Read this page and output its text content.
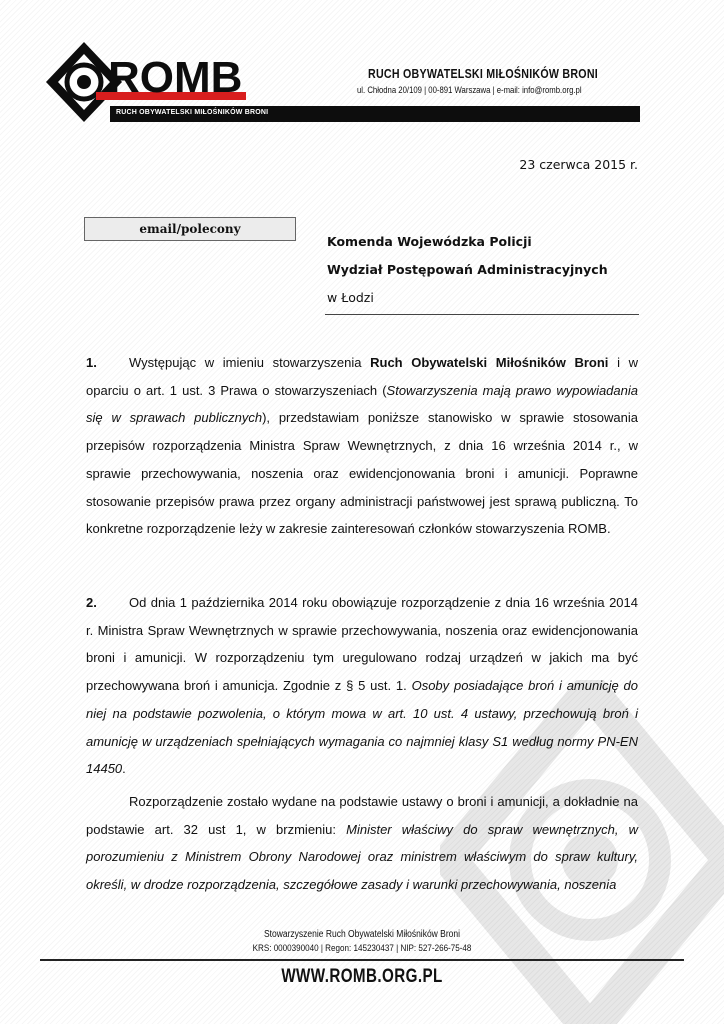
ROMB
RUCH OBYWATELSKI MIŁOŚNIKÓW BRONI
RUCH OBYWATELSKI MIŁOŚNIKÓW BRONI
ul. Chłodna 20/109 | 00-891 Warszawa | e-mail: info@romb.org.pl
23 czerwca 2015 r.
email/polecony
Komenda Wojewódzka Policji
Wydział Postępowań Administracyjnych
w Łodzi
1. Występując w imieniu stowarzyszenia Ruch Obywatelski Miłośników Broni i w oparciu o art. 1 ust. 3 Prawa o stowarzyszeniach (Stowarzyszenia mają prawo wypowiadania się w sprawach publicznych), przedstawiam poniższe stanowisko w sprawie stosowania przepisów rozporządzenia Ministra Spraw Wewnętrznych, z dnia 16 września 2014 r., w sprawie przechowywania, noszenia oraz ewidencjonowania broni i amunicji. Poprawne stosowanie przepisów prawa przez organy administracji państwowej jest sprawą publiczną. To konkretne rozporządzenie leży w zakresie zainteresowań członków stowarzyszenia ROMB.
2. Od dnia 1 października 2014 roku obowiązuje rozporządzenie z dnia 16 września 2014 r. Ministra Spraw Wewnętrznych w sprawie przechowywania, noszenia oraz ewidencjonowania broni i amunicji. W rozporządzeniu tym uregulowano rodzaj urządzeń w jakich ma być przechowywana broń i amunicja. Zgodnie z § 5 ust. 1. Osoby posiadające broń i amunicję do niej na podstawie pozwolenia, o którym mowa w art. 10 ust. 4 ustawy, przechowują broń i amunicję w urządzeniach spełniających wymagania co najmniej klasy S1 według normy PN-EN 14450.
Rozporządzenie zostało wydane na podstawie ustawy o broni i amunicji, a dokładnie na podstawie art. 32 ust 1, w brzmieniu: Minister właściwy do spraw wewnętrznych, w porozumieniu z Ministrem Obrony Narodowej oraz ministrem właściwym do spraw kultury, określi, w drodze rozporządzenia, szczegółowe zasady i warunki przechowywania, noszenia
Stowarzyszenie Ruch Obywatelski Miłośników Broni
KRS: 0000390040 | Regon: 145230437 | NIP: 527-266-75-48
WWW.ROMB.ORG.PL
